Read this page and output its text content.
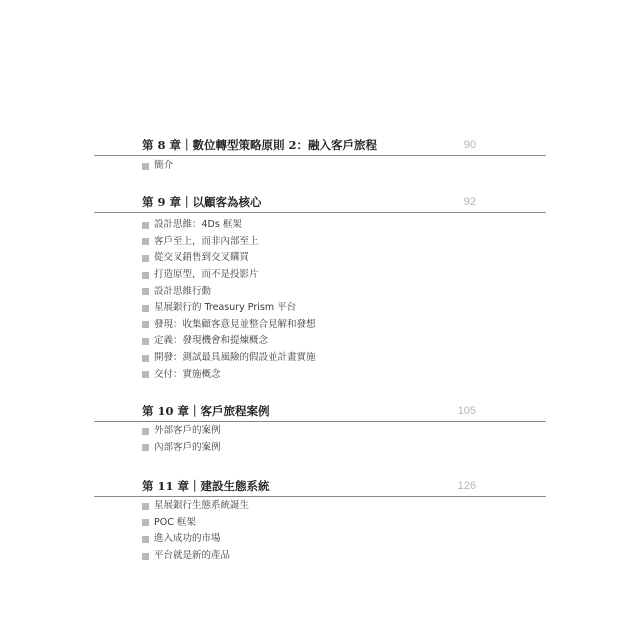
第 8 章｜數位轉型策略原則 2：融入客戶旅程	90
簡介
第 9 章｜以顧客為核心	92
設計思維：4Ds 框架
客戶至上，而非內部至上
從交叉銷售到交叉購買
打造原型，而不是投影片
設計思維行動
星展銀行的 Treasury Prism 平台
發現：收集顧客意見並整合見解和發想
定義：發現機會和提煉概念
開發：測試最具風險的假設並計畫實施
交付：實施概念
第 10 章｜客戶旅程案例	105
外部客戶的案例
內部客戶的案例
第 11 章｜建設生態系統	126
星展銀行生態系統誕生
POC 框架
進入成功的市場
平台就是新的產品
